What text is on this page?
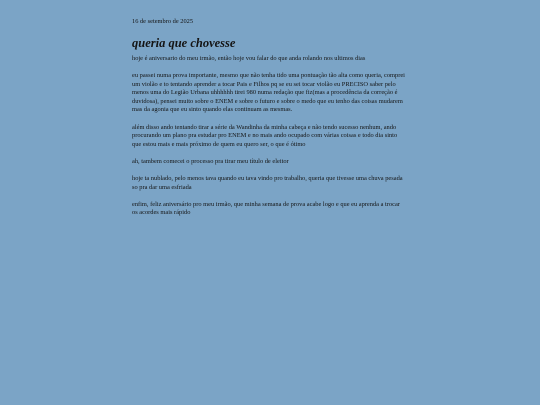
16 de setembro de 2025
queria que chovesse

hoje é aniversario do meu irmão, então hoje vou falar do que anda rolando nos ultimos dias

eu passei numa prova importante, mesmo que não tenha tido uma pontuação tão alta como queria, comprei um violão e to tentando aprender a tocar Pais e Filhos pq se eu sei tocar violão eu PRECISO saber pelo menos uma do Legião Urbana uhhhhhh tirei 980 numa redação que fiz(mas a procedência da correção é duvidosa), pensei muito sobre o ENEM e sobre o futuro e sobre o medo que eu tenho das coisas mudarem mas da agonia que eu sinto quando elas continuam as mesmas.

além disso ando tentando tirar a série da Wandinha da minha cabeça e não tendo sucesso nenhum, ando procurando um plano pra estudar pro ENEM e no mais ando ocupado com várias coisas e todo dia sinto que estou mais e mais próximo de quem eu quero ser, o que é ótimo

ah, tambem comecei o processo pra tirar meu título de eleitor

hoje ta nublado, pelo menos tava quando eu tava vindo pro trabalho, queria que tivesse uma chuva pesada so pra dar uma esfriada

enfim, feliz aniversário pro meu irmão, que minha semana de prova acabe logo e que eu aprenda a trocar os acordes mais rápido
